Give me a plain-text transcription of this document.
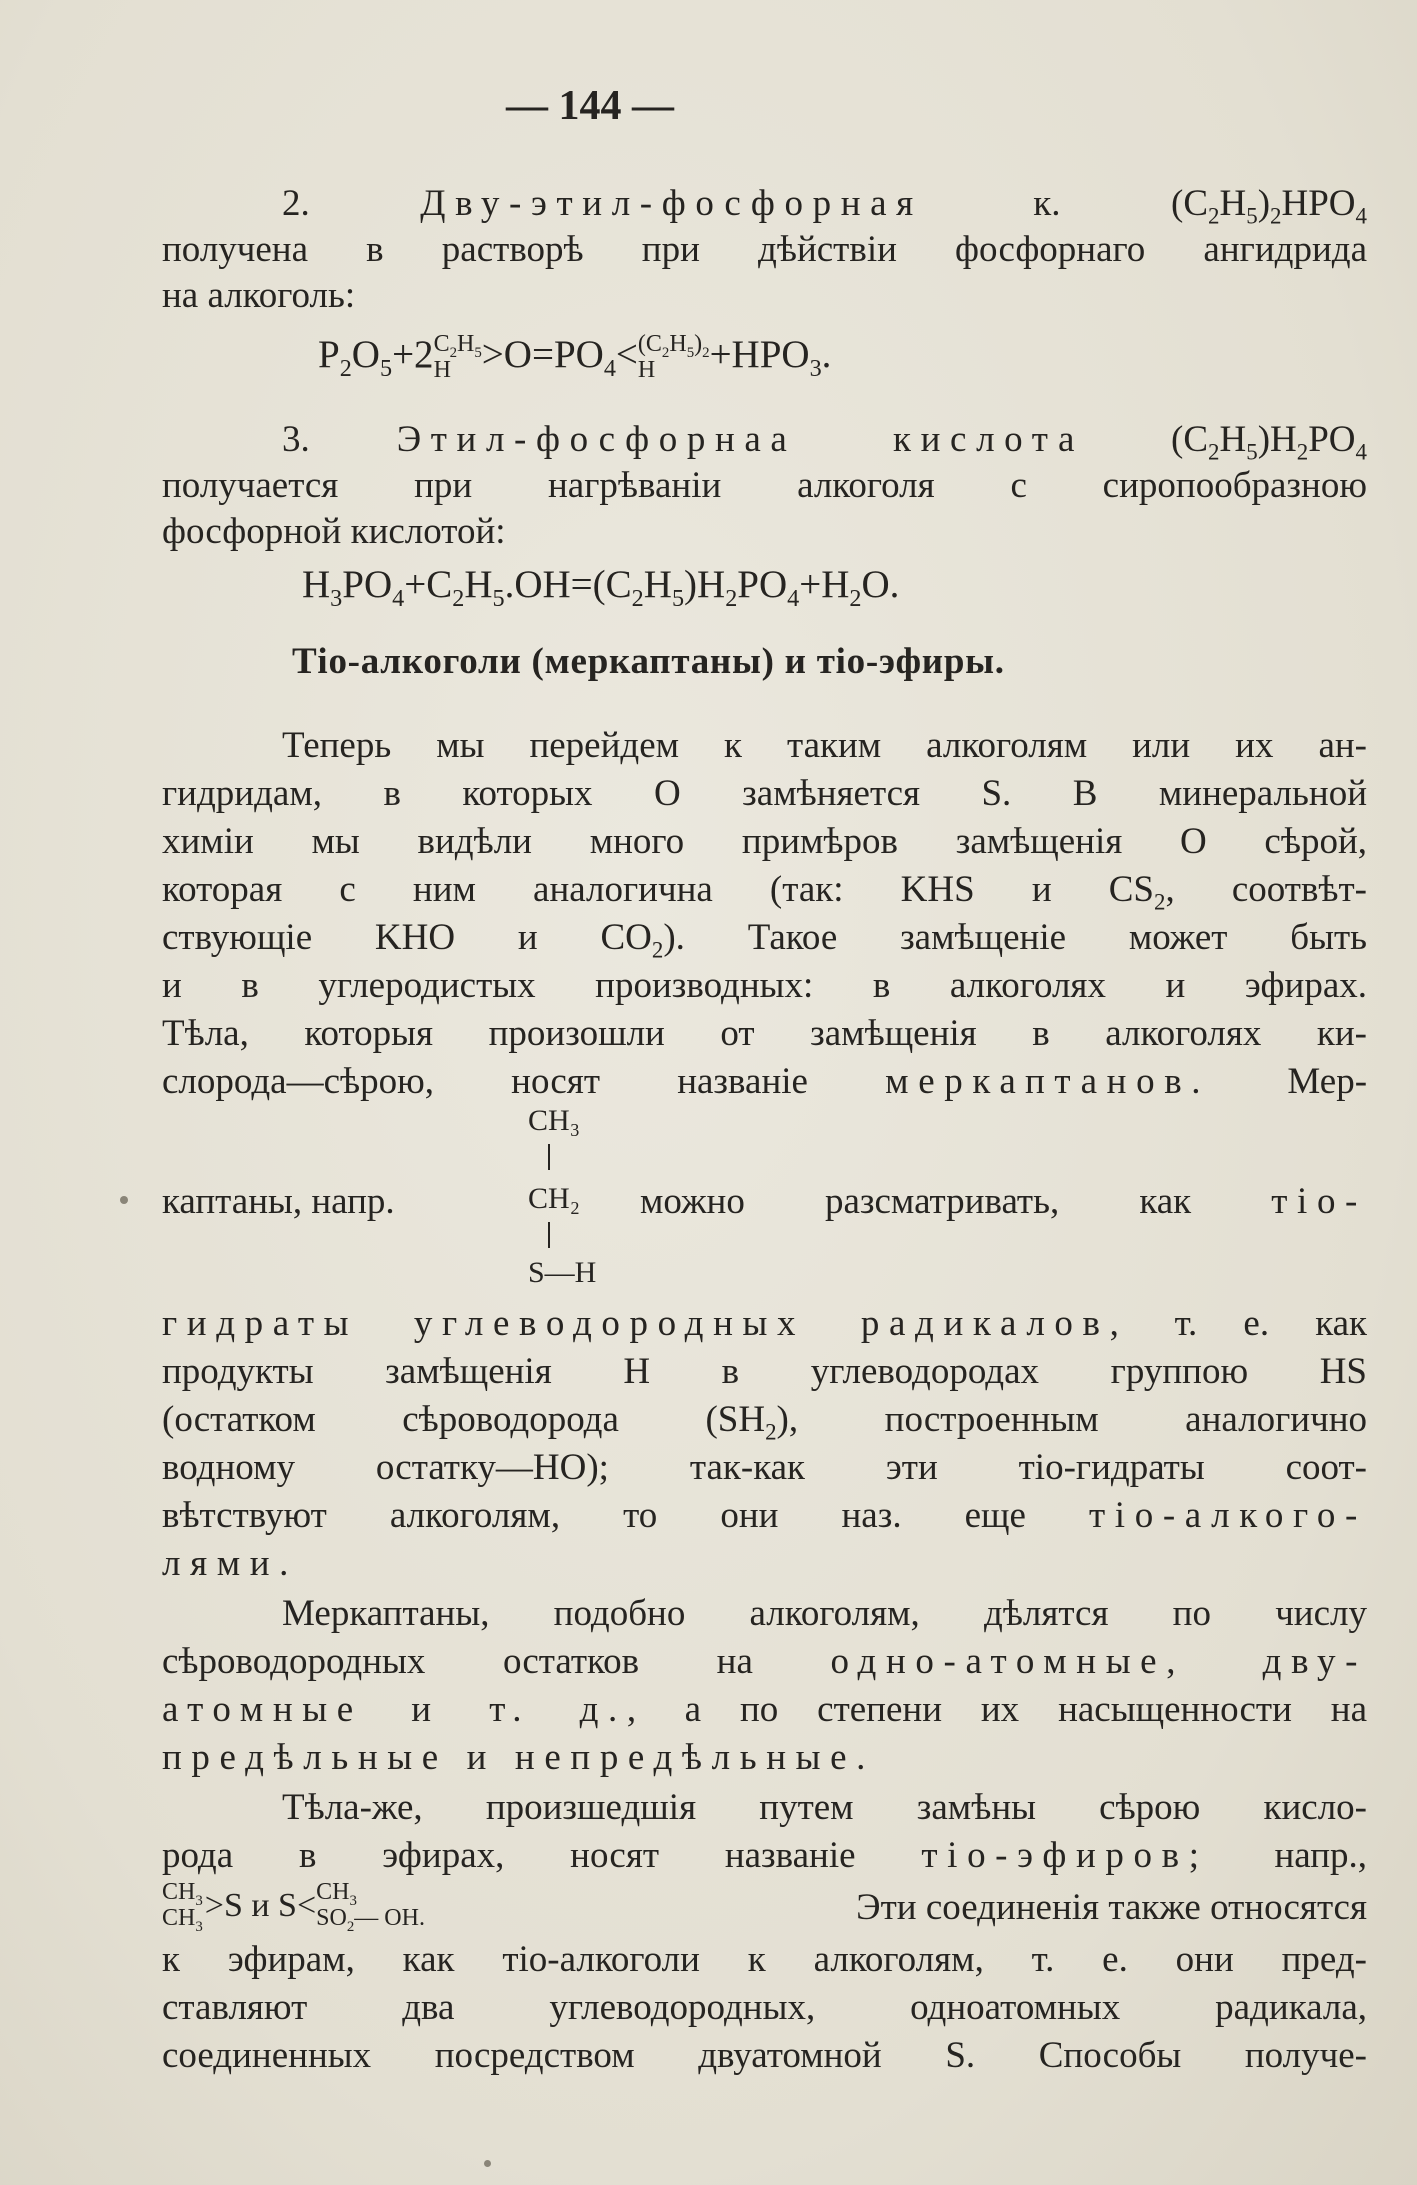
— 144 —
2.	Дву-этил-фосфорная	к.	$(C_2H_5)_2HPO_4$
получена в растворѣ при дѣйствіи фосфорнаго ангидрида
на алкоголь:
$P_2O_5+2$ $C_2H_5$
$H >O=PO_4< (C_2H_5)_2$
H	$+HPO_3$.
3. Этил-фосфорнаа кислота $(C_2H_5)H_2PO_4$
получается при нагрѣваніи алкоголя с сиропообразною
фосфорной кислотой:
$H_3PO_4+C_2H_5.OH=(C_2H_5)H_2PO_4+H_2O$.
Тіо-алкоголи (меркаптаны) и тіо-эфиры.
Теперь мы перейдем к таким алкоголям или их ан-
гидридам, в которых O замѣняется S. В минеральной
химіи мы видѣли много примѣров замѣщенія O сѣрой,
которая с ним аналогична (так: KHS и $CS_2$, соотвѣт-
ствующіе KHO и $CO_2$). Такое замѣщеніе может быть
и в углеродистых производных: в алкоголях и эфирах.
Тѣла, которыя произошли от замѣщенія в алкоголях ки-
слорода—сѣрою, носят названіе меркаптанов. Мер-
CH₃
каптаны, напр.	CH₂ можно разсматривать, как тіо-
S—H
гидраты углеводородных радикалов, т. е. как
продукты замѣщенія H в углеводородах группою HS
(остатком сѣроводорода $(SH_2)$, построенным аналогично
водному остатку—HO); так-как эти тіо-гидраты соот-
вѣтствуют алкоголям, то они наз. еще тіо-алкого-
лями.
Меркаптаны, подобно алкоголям, дѣлятся по числу
сѣроводородных остатков на одно-атомные, дву-
атомные и т. д., а по степени их насыщенности на
предѣльные и непредѣльные.
Тѣла-же, произшедшія путем замѣны сѣрою кислo-
рода в эфирах, носят названіе тіо-эфиров; напр.,
$CH_3$
$CH_3$
>S и $S< CH_3$
$SO_2—$ OH.	Эти соединенія также относятся
к эфирам, как тіо-алкоголи к алкоголям, т. е. они пред-
ставляют два углеводородных, одноатомных радикала,
соединенных посредством двуатомной S. Способы получе-
